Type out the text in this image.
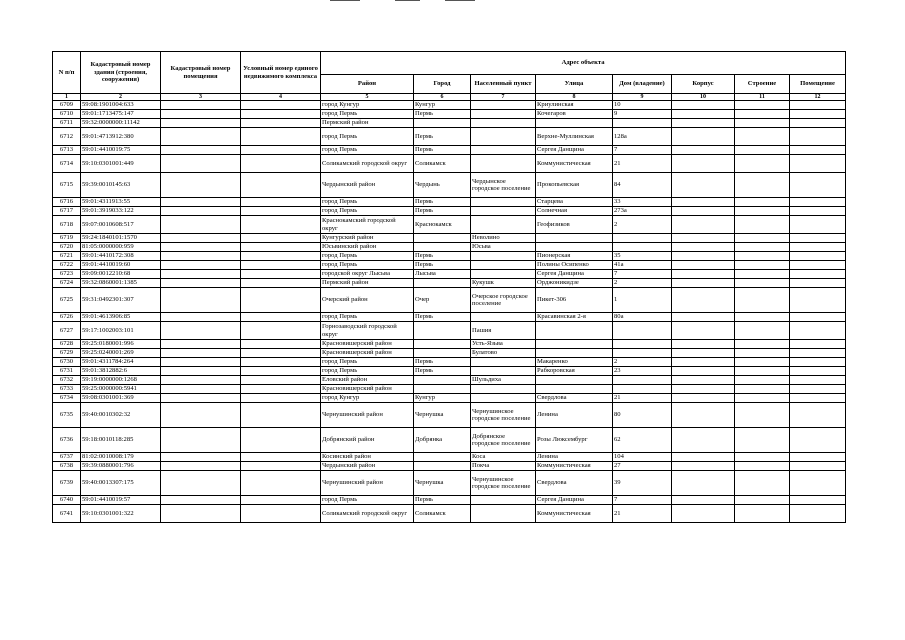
N п/п	Кадастровый номер здания (строения, сооружения)	Кадастровый номер помещения	Условный номер единого недвижимого комплекса	Адрес объекта							
				Район	Город	Населенный пункт	Улица	Дом (владение)	Корпус	Строение	Помещение
1	2	3	4	5	6	7	8	9	10	11	12
6709	59:08:1901004:633			город Кунгур	Кунгур		Криулинская	10			
6710	59:01:1713475:147			город Пермь	Пермь		Кочегаров	9			
6711	59:32:0000000:11142			Пермский район							
6712	59:01:4713912:380			город Пермь	Пермь		Верхне-Муллинская	128а			
6713	59:01:4410019:75			город Пермь	Пермь		Сергея Данщина	7			
6714	59:10:0301001:449			Соликамский городской округ	Соликамск		Коммунистическая	21			
6715	59:39:0010145:63			Чердынский район	Чердынь	Чердынское городское поселение	Прокопьевская	84			
6716	59:01:4311913:55			город Пермь	Пермь		Старцева	33			
6717	59:01:3919033:122			город Пермь	Пермь		Солнечная	273а			
6718	59:07:0010608:517			Краснокамский городской округ	Краснокамск		Геофизиков	2			
6719	59:24:1840101:1570			Кунгурский район		Неволино					
6720	81:05:0000000:959			Юсьвинский район		Юсьва					
6721	59:01:4410172:308			город Пермь	Пермь		Пионерская	35			
6722	59:01:4410019:60			город Пермь	Пермь		Полины Осипенко	41а			
6723	59:09:0012210:68			городской округ Лысьва	Лысьва		Сергея Данщина	7			
6724	59:32:0860001:1385			Пермский район		Кукушк	Орджоникидзе	2			
6725	59:31:0492301:307			Очерский район	Очер	Очерское городское поселение	Пикет-306	1			
6726	59:01:4613906:85			город Пермь	Пермь		Красавинская 2-я	80а			
6727	59:17:1002003:101			Горнозаводский городской округ		Пашия					
6728	59:25:0180001:996			Красновишерский район		Усть-Язьва					
6729	59:25:0240001:269			Красновишерский район		Булатово					
6730	59:01:4311784:264			город Пермь	Пермь		Макаренко	2			
6731	59:01:3812882:6			город Пермь	Пермь		Рабкоровская	23			
6732	59:19:0000000:1268			Еловский район		Шульдиха					
6733	59:25:0000000:5941			Красновишерский район							
6734	59:08:0301001:369			город Кунгур	Кунгур		Свердлова	21			
6735	59:40:0010302:32			Чернушинский район	Чернушка	Чернушинское городское поселение	Ленина	80			
6736	59:18:0010118:285			Добрянский район	Добрянка	Добрянское городское поселение	Розы Люксембург	62			
6737	81:02:0010008:179			Косинский район		Коса	Ленина	104			
6738	59:39:0880001:796			Чердынский район		Покча	Коммунистическая	27			
6739	59:40:0013307:175			Чернушинский район	Чернушка	Чернушинское городское поселение	Свердлова	39			
6740	59:01:4410019:57			город Пермь	Пермь		Сергея Данщина	7			
6741	59:10:0301001:322			Соликамский городской округ	Соликамск		Коммунистическая	21			
